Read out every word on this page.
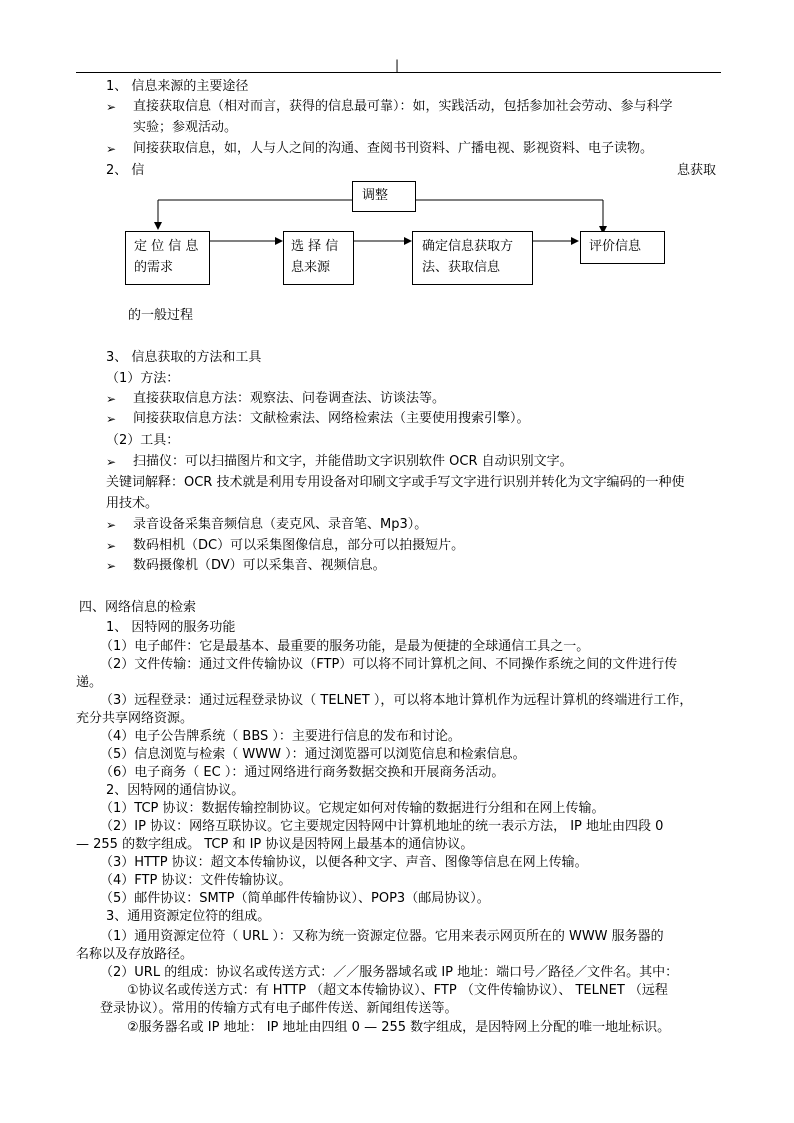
|
1、 信息来源的主要途径
➢ 直接获取信息（相对而言，获得的信息最可靠）：如，实践活动，包括参加社会劳动、参与科学
实验；参观活动。
➢ 间接获取信息，如，人与人之间的沟通、查阅书刊资料、广播电视、影视资料、电子读物。
2、 信	息获取
调整
定 位 信 息
的需求
选 择 信
息来源
确定信息获取方
法、获取信息
评价信息
的一般过程
3、 信息获取的方法和工具
（1）方法：
➢ 直接获取信息方法：观察法、问卷调查法、访谈法等。
➢ 间接获取信息方法：文献检索法、网络检索法（主要使用搜索引擎）。
（2）工具：
➢ 扫描仪：可以扫描图片和文字，并能借助文字识别软件 OCR 自动识别文字。
关键词解释：OCR 技术就是利用专用设备对印刷文字或手写文字进行识别并转化为文字编码的一种使
用技术。
➢ 录音设备采集音频信息（麦克风、录音笔、Mp3）。
➢ 数码相机（DC）可以采集图像信息，部分可以拍摄短片。
➢ 数码摄像机（DV）可以采集音、视频信息。
四、网络信息的检索
1、 因特网的服务功能
（1）电子邮件：它是最基本、最重要的服务功能，是最为便捷的全球通信工具之一。
（2）文件传输：通过文件传输协议（FTP）可以将不同计算机之间、不同操作系统之间的文件进行传
递。
（3）远程登录：通过远程登录协议（ TELNET ），可以将本地计算机作为远程计算机的终端进行工作，
充分共享网络资源。
（4）电子公告牌系统（ BBS ）：主要进行信息的发布和讨论。
（5）信息浏览与检索（ WWW ）：通过浏览器可以浏览信息和检索信息。
（6）电子商务（ EC ）：通过网络进行商务数据交换和开展商务活动。
2、因特网的通信协议。
（1）TCP 协议：数据传输控制协议。它规定如何对传输的数据进行分组和在网上传输。
（2）IP 协议：网络互联协议。它主要规定因特网中计算机地址的统一表示方法， IP 地址由四段 0
— 255 的数字组成。 TCP 和 IP 协议是因特网上最基本的通信协议。
（3）HTTP 协议：超文本传输协议，以便各种文字、声音、图像等信息在网上传输。
（4）FTP 协议：文件传输协议。
（5）邮件协议：SMTP（简单邮件传输协议）、POP3（邮局协议）。
3、通用资源定位符的组成。
（1）通用资源定位符（ URL ）：又称为统一资源定位器。它用来表示网页所在的 WWW 服务器的
名称以及存放路径。
（2）URL 的组成：协议名或传送方式：／／服务器域名或 IP 地址：端口号／路径／文件名。其中：
①协议名或传送方式：有 HTTP （超文本传输协议）、FTP （文件传输协议）、 TELNET （远程
登录协议）。常用的传输方式有电子邮件传送、新闻组传送等。
②服务器名或 IP 地址： IP 地址由四组 0 — 255 数字组成，是因特网上分配的唯一地址标识。
